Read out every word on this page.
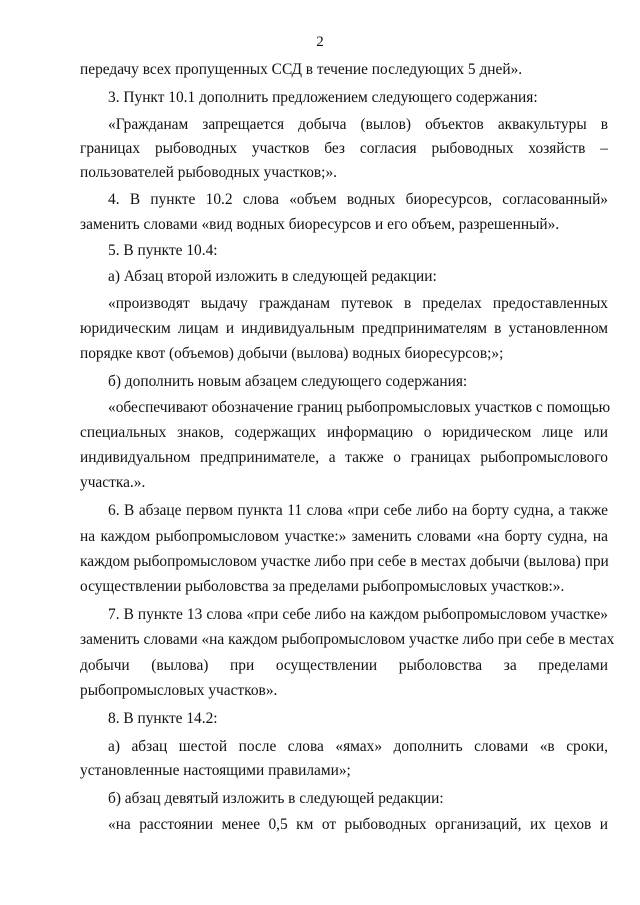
2
передачу всех пропущенных ССД в течение последующих 5 дней».
3. Пункт 10.1 дополнить предложением следующего содержания:
«Гражданам запрещается добыча (вылов) объектов аквакультуры в
границах рыбоводных участков без согласия рыбоводных хозяйств –
пользователей рыбоводных участков;».
4. В пункте 10.2 слова «объем водных биоресурсов, согласованный»
заменить словами «вид водных биоресурсов и его объем, разрешенный».
5. В пункте 10.4:
а) Абзац второй изложить в следующей редакции:
«производят выдачу гражданам путевок в пределах предоставленных
юридическим лицам и индивидуальным предпринимателям в установленном
порядке квот (объемов) добычи (вылова) водных биоресурсов;»;
б) дополнить новым абзацем следующего содержания:
«обеспечивают обозначение границ рыбопромысловых участков с помощью
специальных знаков, содержащих информацию о юридическом лице или
индивидуальном предпринимателе, а также о границах рыбопромыслового
участка.».
6. В абзаце первом пункта 11 слова «при себе либо на борту судна, а также
на каждом рыбопромысловом участке:» заменить словами «на борту судна, на
каждом рыбопромысловом участке либо при себе в местах добычи (вылова) при
осуществлении рыболовства за пределами рыбопромысловых участков:».
7. В пункте 13 слова «при себе либо на каждом рыбопромысловом участке»
заменить словами «на каждом рыбопромысловом участке либо при себе в местах
добычи (вылова) при осуществлении рыболовства за пределами
рыбопромысловых участков».
8. В пункте 14.2:
а) абзац шестой после слова «ямах» дополнить словами «в сроки,
установленные настоящими правилами»;
б) абзац девятый изложить в следующей редакции:
«на расстоянии менее 0,5 км от рыбоводных организаций, их цехов и
